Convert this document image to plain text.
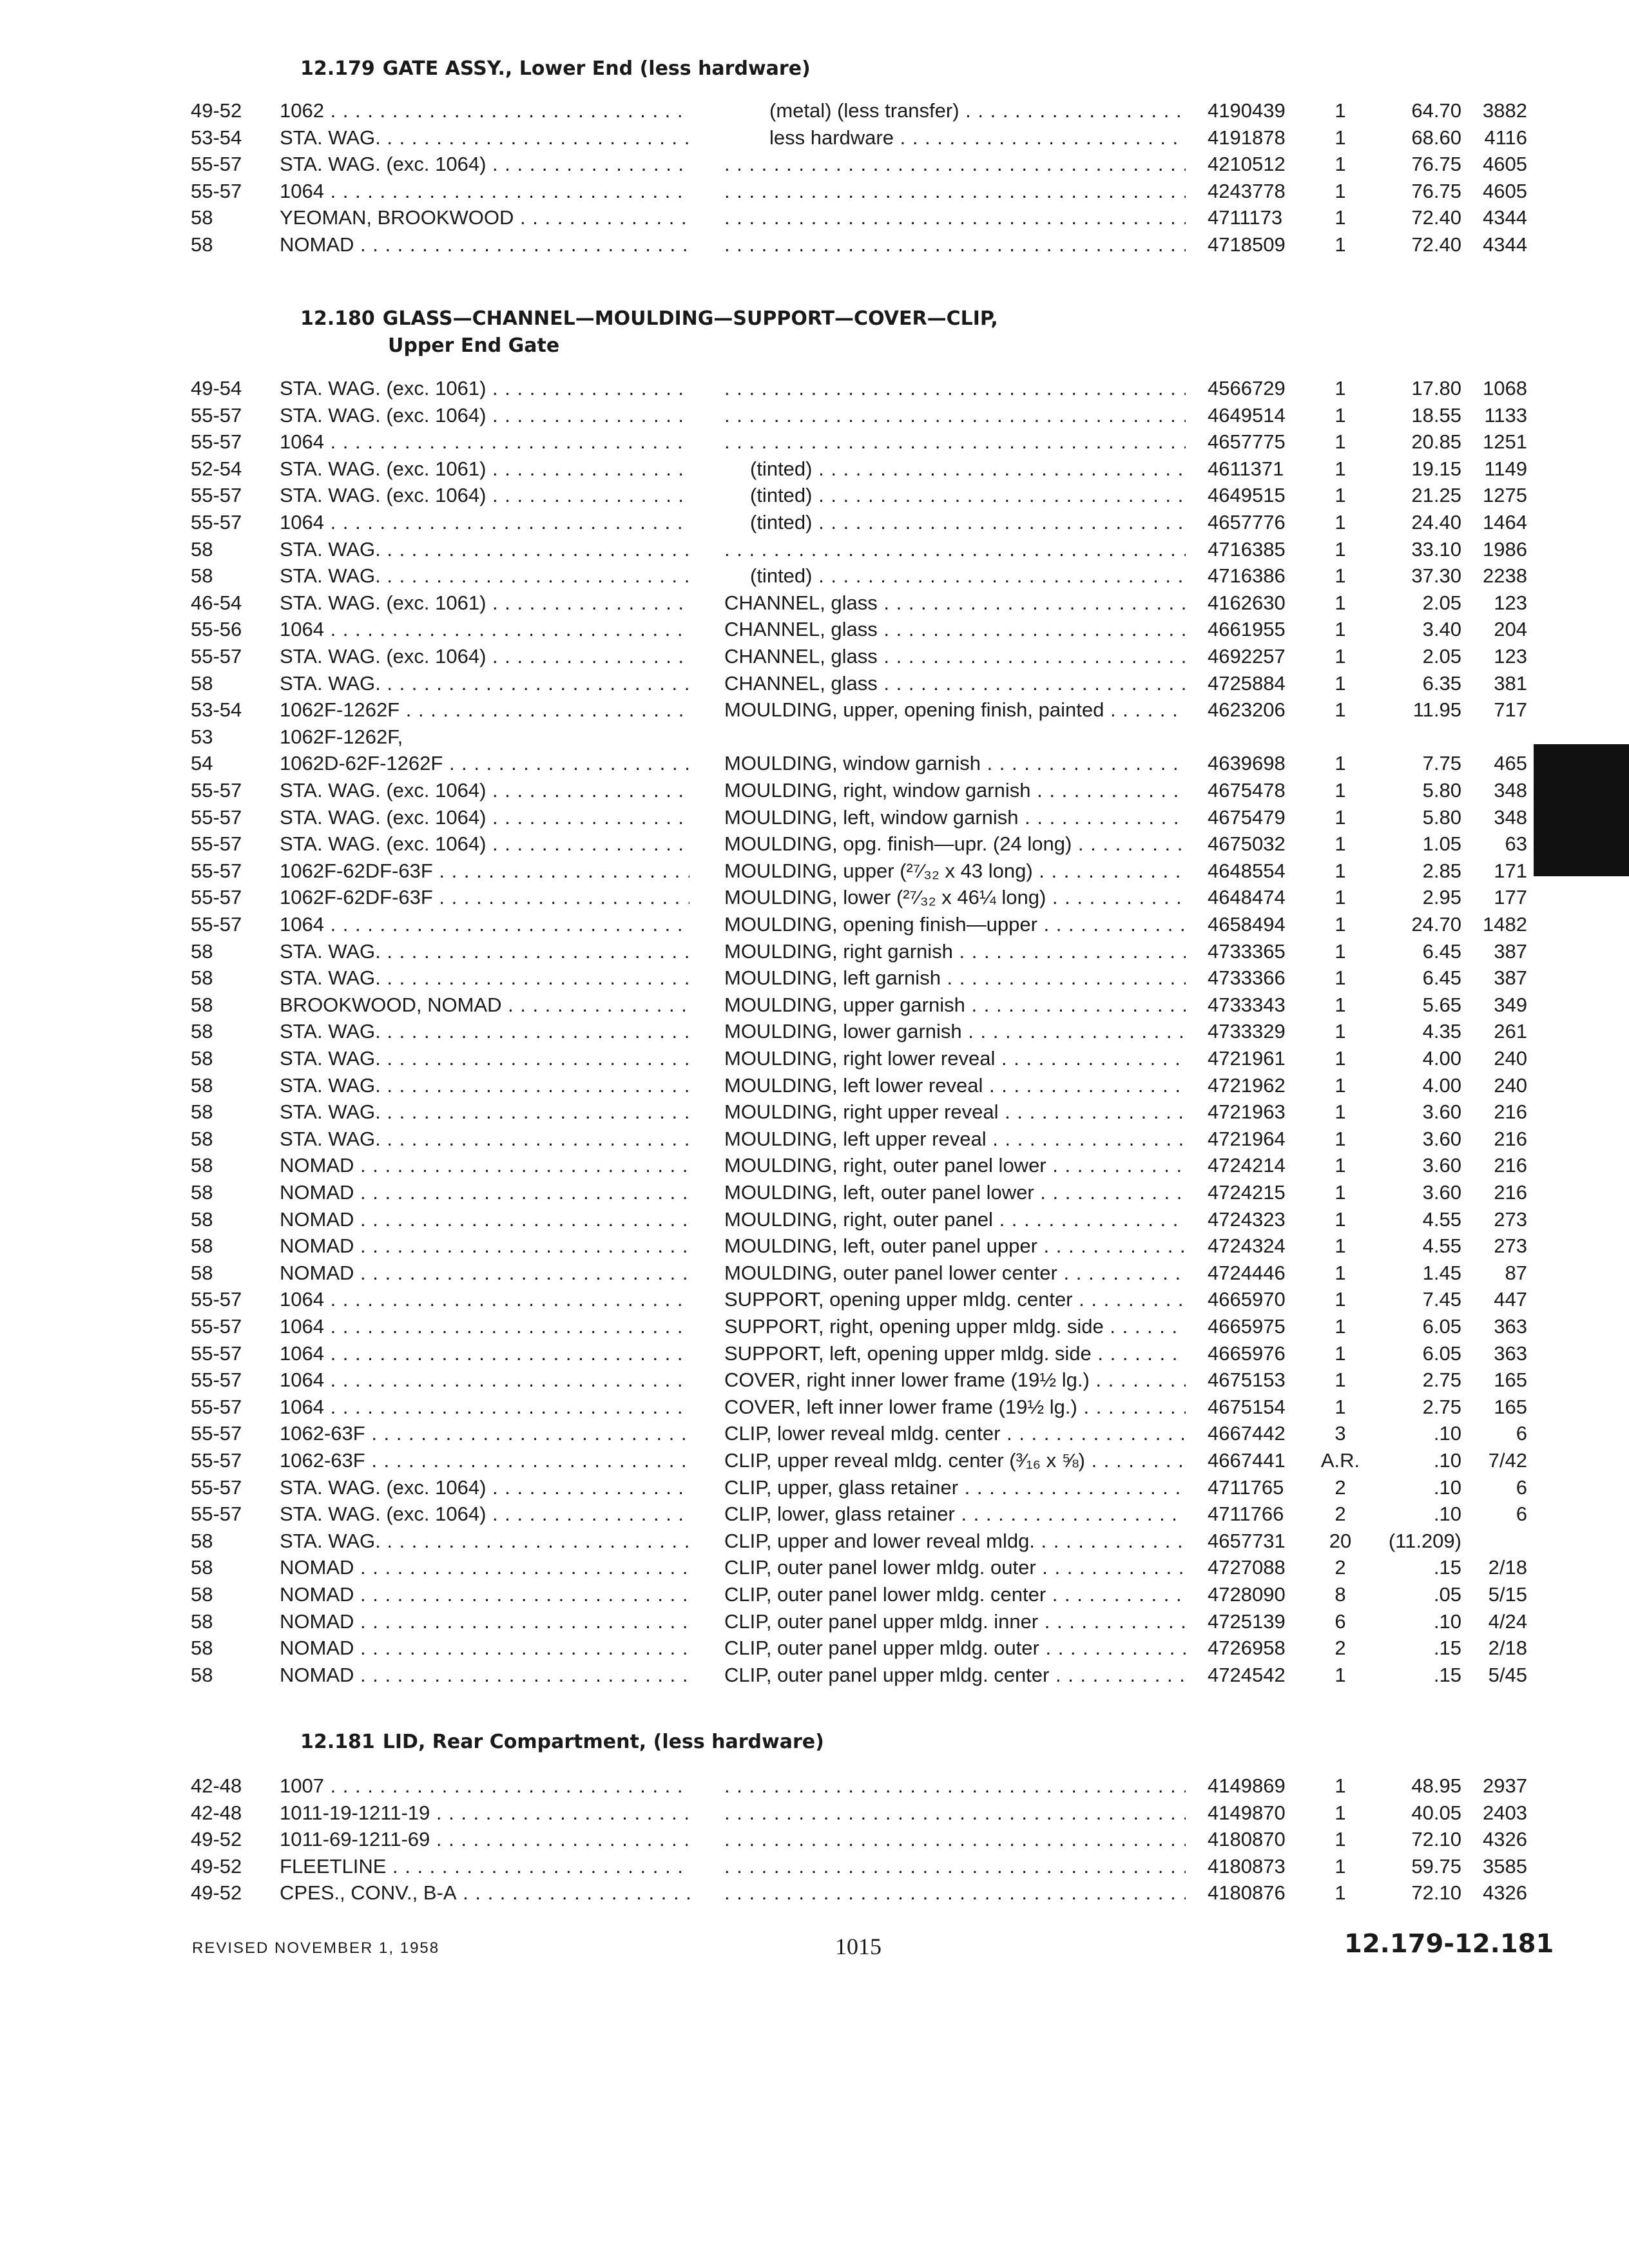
12.179 GATE ASSY., Lower End (less hardware)
49-52 1062 . . .	(metal) (less transfer) . . .	4190439	1	64.70	3882
53-54 STA. WAG. . . .	less hardware . . .	4191878	1	68.60	4116
55-57 STA. WAG. (exc. 1064) . . . . . .	4210512	1	76.75	4605
55-57 1064 . . . . . .	4243778	1	76.75	4605
58	YEOMAN, BROOKWOOD . . . . . .	4711173	1	72.40	4344
58	NOMAD . . . . . .	4718509	1	72.40	4344
12.180 GLASS—CHANNEL—MOULDING—SUPPORT—COVER—CLIP,
Upper End Gate
49-54 STA. WAG. (exc. 1061) . . . . . .	4566729	1	17.80	1068
55-57 STA. WAG. (exc. 1064) . . . . . .	4649514	1	18.55	1133
55-57 1064 . . . . . .	4657775	1	20.85	1251
52-54 STA. WAG. (exc. 1061) . . .	(tinted) . . .	4611371	1	19.15	1149
55-57 STA. WAG. (exc. 1064) . . .	(tinted) . . .	4649515	1	21.25	1275
55-57 1064 . . .	(tinted) . . .	4657776	1	24.40	1464
58	STA. WAG. . . . . . .	4716385	1	33.10	1986
58	STA. WAG. . . .	(tinted) . . .	4716386	1	37.30	2238
46-54 STA. WAG. (exc. 1061) . . .	CHANNEL, glass . . .	4162630	1	2.05	123
55-56 1064 . . .	CHANNEL, glass . . .	4661955	1	3.40	204
55-57 STA. WAG. (exc. 1064) . . .	CHANNEL, glass . . .	4692257	1	2.05	123
58	STA. WAG. . . .	CHANNEL, glass . . .	4725884	1	6.35	381
53-54 1062F-1262F . . .	MOULDING, upper, opening finish, painted . . .	4623206	1	11.95	717
53	1062F-1262F,
54	1062D-62F-1262F . . .	MOULDING, window garnish . . .	4639698	1	7.75	465
55-57 STA. WAG. (exc. 1064) . . .	MOULDING, right, window garnish . . .	4675478	1	5.80	348
55-57 STA. WAG. (exc. 1064) . . .	MOULDING, left, window garnish . . .	4675479	1	5.80	348
55-57 STA. WAG. (exc. 1064) . . .	MOULDING, opg. finish—upr. (24 long) . . .	4675032	1	1.05	63
55-57 1062F-62DF-63F . . .	MOULDING, upper (²⁷⁄₃₂ x 43 long) . . .	4648554	1	2.85	171
55-57 1062F-62DF-63F . . .	MOULDING, lower (²⁷⁄₃₂ x 46¼ long) . . .	4648474	1	2.95	177
55-57 1064 . . .	MOULDING, opening finish—upper . . .	4658494	1	24.70	1482
58	STA. WAG. . . .	MOULDING, right garnish . . .	4733365	1	6.45	387
58	STA. WAG. . . .	MOULDING, left garnish . . .	4733366	1	6.45	387
58	BROOKWOOD, NOMAD . . .	MOULDING, upper garnish . . .	4733343	1	5.65	349
58	STA. WAG. . . .	MOULDING, lower garnish . . .	4733329	1	4.35	261
58	STA. WAG. . . .	MOULDING, right lower reveal . . .	4721961	1	4.00	240
58	STA. WAG. . . .	MOULDING, left lower reveal . . .	4721962	1	4.00	240
58	STA. WAG. . . .	MOULDING, right upper reveal . . .	4721963	1	3.60	216
58	STA. WAG. . . .	MOULDING, left upper reveal . . .	4721964	1	3.60	216
58	NOMAD . . .	MOULDING, right, outer panel lower . . .	4724214	1	3.60	216
58	NOMAD . . .	MOULDING, left, outer panel lower . . .	4724215	1	3.60	216
58	NOMAD . . .	MOULDING, right, outer panel . . .	4724323	1	4.55	273
58	NOMAD . . .	MOULDING, left, outer panel upper . . .	4724324	1	4.55	273
58	NOMAD . . .	MOULDING, outer panel lower center . . .	4724446	1	1.45	87
55-57 1064 . . .	SUPPORT, opening upper mldg. center . . .	4665970	1	7.45	447
55-57 1064 . . .	SUPPORT, right, opening upper mldg. side . . .	4665975	1	6.05	363
55-57 1064 . . .	SUPPORT, left, opening upper mldg. side . . .	4665976	1	6.05	363
55-57 1064 . . .	COVER, right inner lower frame (19½ lg.) . . .	4675153	1	2.75	165
55-57 1064 . . .	COVER, left inner lower frame (19½ lg.) . . .	4675154	1	2.75	165
55-57 1062-63F . . .	CLIP, lower reveal mldg. center . . .	4667442	3	.10	6
55-57 1062-63F . . .	CLIP, upper reveal mldg. center (³⁄₁₆ x ⅝) . . .	4667441	A.R.	.10	7/42
55-57 STA. WAG. (exc. 1064) . . .	CLIP, upper, glass retainer . . .	4711765	2	.10	6
55-57 STA. WAG. (exc. 1064) . . .	CLIP, lower, glass retainer . . .	4711766	2	.10	6
58	STA. WAG. . . .	CLIP, upper and lower reveal mldg. . . .	4657731	20	(11.209)
58	NOMAD . . .	CLIP, outer panel lower mldg. outer . . .	4727088	2	.15	2/18
58	NOMAD . . .	CLIP, outer panel lower mldg. center . . .	4728090	8	.05	5/15
58	NOMAD . . .	CLIP, outer panel upper mldg. inner . . .	4725139	6	.10	4/24
58	NOMAD . . .	CLIP, outer panel upper mldg. outer . . .	4726958	2	.15	2/18
58	NOMAD . . .	CLIP, outer panel upper mldg. center . . .	4724542	1	.15	5/45
12.181 LID, Rear Compartment, (less hardware)
42-48 1007 . . . . . .	4149869	1	48.95	2937
42-48 1011-19-1211-19 . . . . . .	4149870	1	40.05	2403
49-52 1011-69-1211-69 . . . . . .	4180870	1	72.10	4326
49-52 FLEETLINE . . . . . .	4180873	1	59.75	3585
49-52 CPES., CONV., B-A . . . . . .	4180876	1	72.10	4326
REVISED NOVEMBER 1, 1958	1015	12.179-12.181
